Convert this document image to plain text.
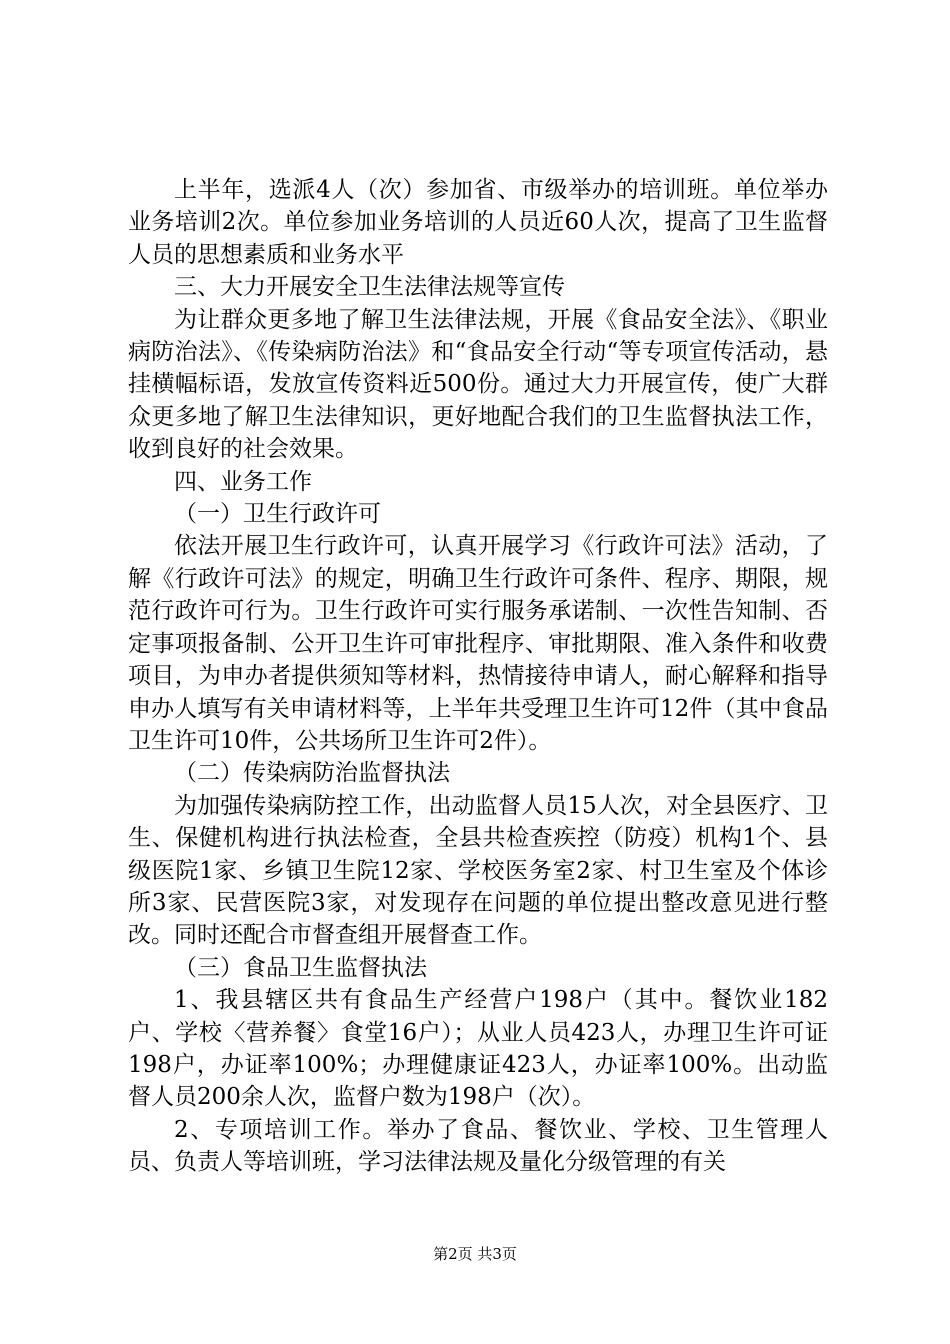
上半年，选派4人（次）参加省、市级举办的培训班。单位举办业务培训2次。单位参加业务培训的人员近60人次，提高了卫生监督人员的思想素质和业务水平

三、大力开展安全卫生法律法规等宣传

为让群众更多地了解卫生法律法规，开展《食品安全法》、《职业病防治法》、《传染病防治法》和“食品安全行动“等专项宣传活动，悬挂横幅标语，发放宣传资料近500份。通过大力开展宣传，使广大群众更多地了解卫生法律知识，更好地配合我们的卫生监督执法工作，收到良好的社会效果。

四、业务工作

（一）卫生行政许可

依法开展卫生行政许可，认真开展学习《行政许可法》活动，了解《行政许可法》的规定，明确卫生行政许可条件、程序、期限，规范行政许可行为。卫生行政许可实行服务承诺制、一次性告知制、否定事项报备制、公开卫生许可审批程序、审批期限、准入条件和收费项目，为申办者提供须知等材料，热情接待申请人，耐心解释和指导申办人填写有关申请材料等，上半年共受理卫生许可12件（其中食品卫生许可10件，公共场所卫生许可2件）。

（二）传染病防治监督执法

为加强传染病防控工作，出动监督人员15人次，对全县医疗、卫生、保健机构进行执法检查，全县共检查疾控（防疫）机构1个、县级医院1家、乡镇卫生院12家、学校医务室2家、村卫生室及个体诊所3家、民营医院3家，对发现存在问题的单位提出整改意见进行整改。同时还配合市督查组开展督查工作。

（三）食品卫生监督执法

1、我县辖区共有食品生产经营户198户（其中。餐饮业182户、学校〈营养餐〉食堂16户）；从业人员423人，办理卫生许可证198户，办证率100%；办理健康证423人，办证率100%。出动监督人员200余人次，监督户数为198户（次）。

2、专项培训工作。举办了食品、餐饮业、学校、卫生管理人员、负责人等培训班，学习法律法规及量化分级管理的有关

第2页 共3页
